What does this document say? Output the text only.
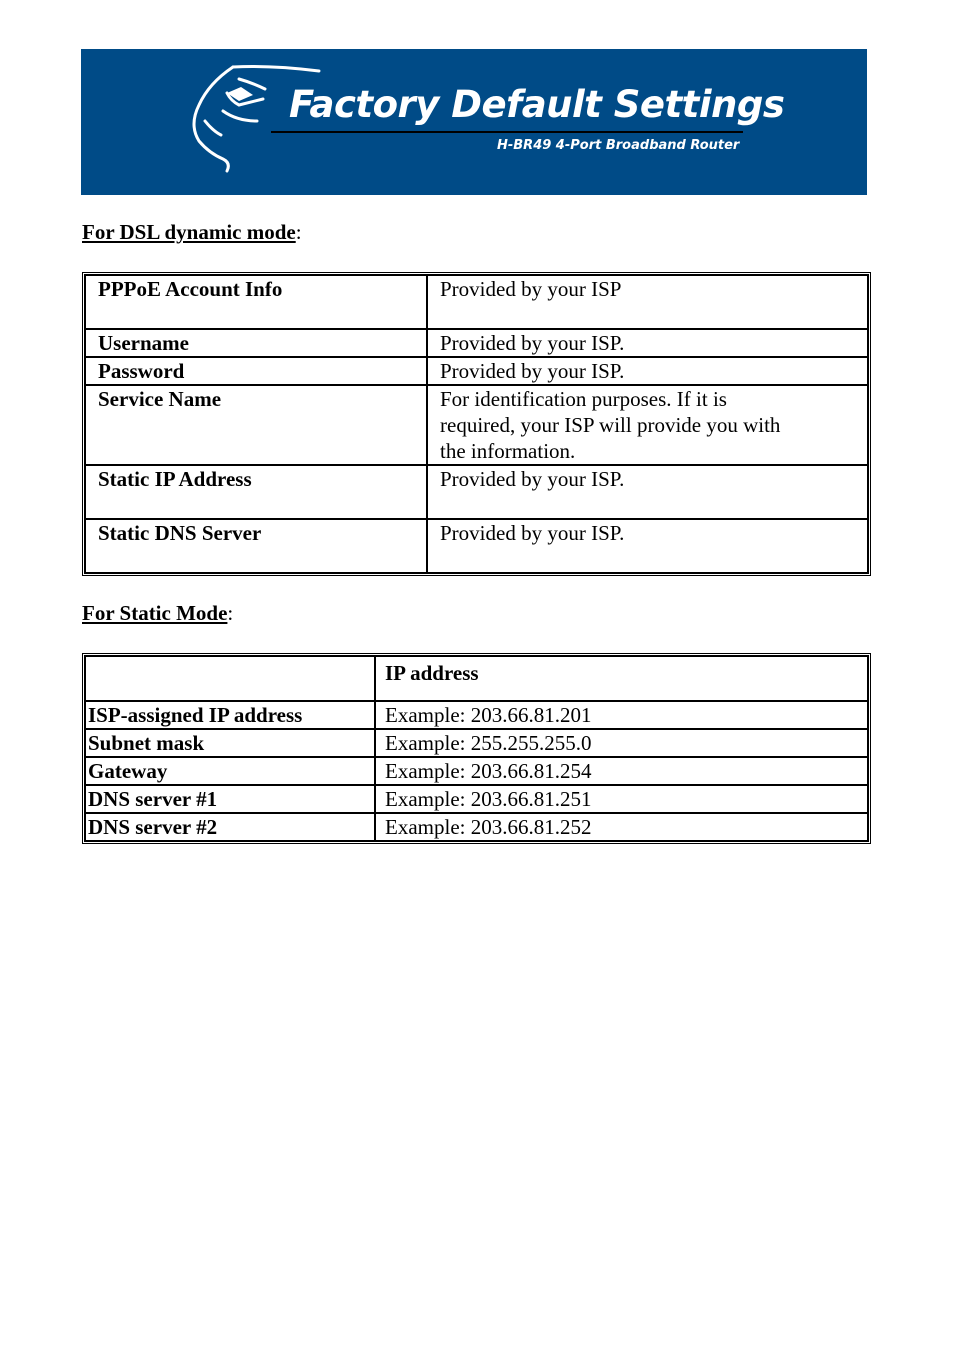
Factory Default Settings
H-BR49 4-Port Broadband Router
For DSL dynamic mode:
PPPoE Account Info	Provided by your ISP
Username	Provided by your ISP.
Password	Provided by your ISP.
Service Name	For identification purposes. If it is required, your ISP will provide you with the information.
Static IP Address	Provided by your ISP.
Static DNS Server	Provided by your ISP.
For Static Mode:
	IP address
ISP-assigned IP address	Example: 203.66.81.201
Subnet mask	Example: 255.255.255.0
Gateway	Example: 203.66.81.254
DNS server #1	Example: 203.66.81.251
DNS server #2	Example: 203.66.81.252
